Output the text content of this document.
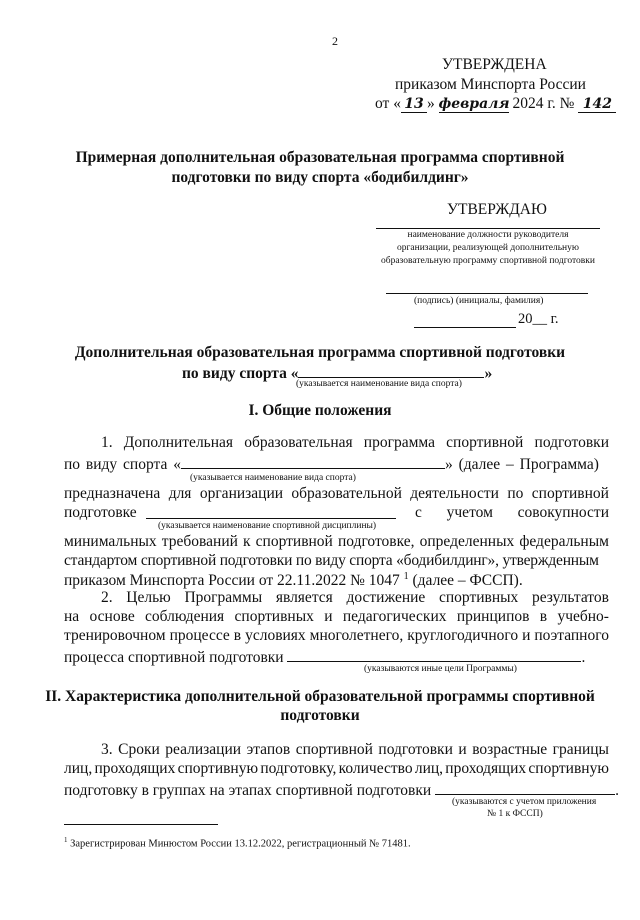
2
УТВЕРЖДЕНА
приказом Минспорта России
от « 13 » февраля 2024 г. № 142
Примерная дополнительная образовательная программа спортивной
подготовки по виду спорта «бодибилдинг»
УТВЕРЖДАЮ
наименование должности руководителя
организации, реализующей дополнительную
образовательную программу спортивной подготовки
(подпись) (инициалы, фамилия)
20__ г.
Дополнительная образовательная программа спортивной подготовки
по виду спорта «	»
(указывается наименование вида спорта)
I. Общие положения
1. Дополнительная образовательная программа спортивной подготовки
по виду спорта «	» (далее – Программа)
(указывается наименование вида спорта)
предназначена для организации образовательной деятельности по спортивной
подготовке	с учетом совокупности
(указывается наименование спортивной дисциплины)
минимальных требований к спортивной подготовке, определенных федеральным
стандартом спортивной подготовки по виду спорта «бодибилдинг», утвержденным
приказом Минспорта России от 22.11.2022 № 1047 $^1$ (далее – ФССП).
2. Целью Программы является достижение спортивных результатов
на основе соблюдения спортивных и педагогических принципов в учебно-
тренировочном процессе в условиях многолетнего, круглогодичного и поэтапного
процесса спортивной подготовки	.
(указываются иные цели Программы)
II. Характеристика дополнительной образовательной программы спортивной
подготовки
3. Сроки реализации этапов спортивной подготовки и возрастные границы
лиц, проходящих спортивную подготовку, количество лиц, проходящих спортивную
подготовку в группах на этапах спортивной подготовки	.
(указываются с учетом приложения
№ 1 к ФССП)
$^1$ Зарегистрирован Минюстом России 13.12.2022, регистрационный № 71481.
